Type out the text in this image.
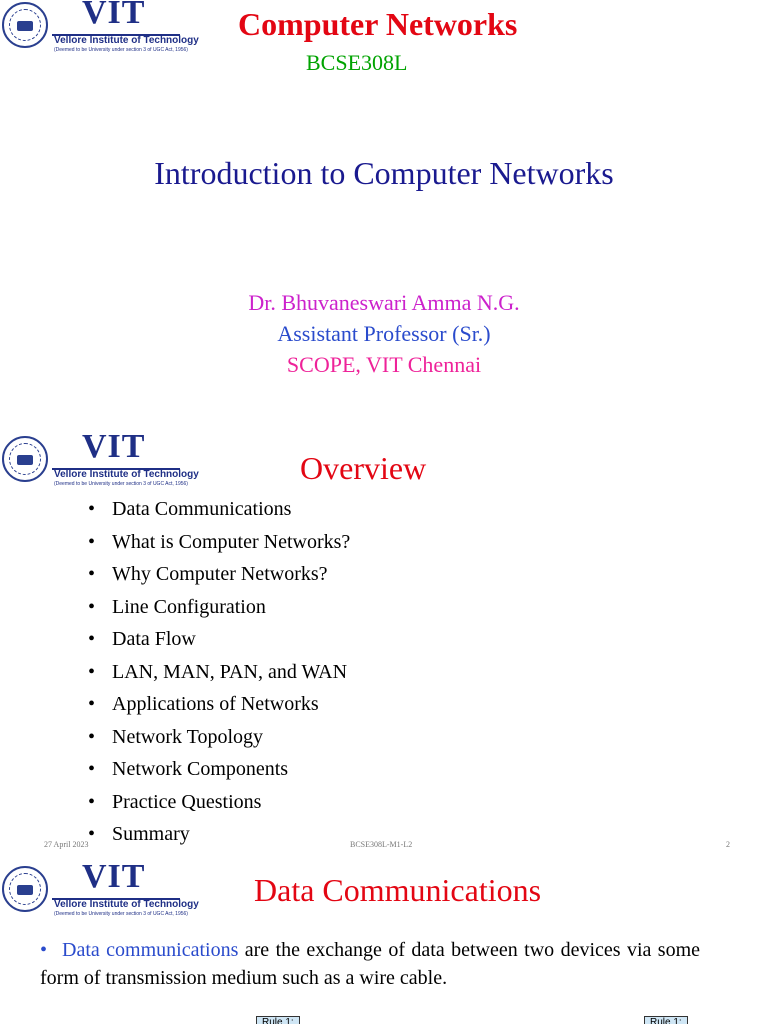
VIT
Vellore Institute of Technology
(Deemed to be University under section 3 of UGC Act, 1956)
Computer Networks
BCSE308L
Introduction to Computer Networks
Dr. Bhuvaneswari Amma N.G.
Assistant Professor (Sr.)
SCOPE, VIT Chennai
VIT
Vellore Institute of Technology
(Deemed to be University under section 3 of UGC Act, 1956)	Overview
• Data Communications
• What is Computer Networks?
• Why Computer Networks?
• Line Configuration
• Data Flow
• LAN, MAN, PAN, and WAN
• Applications of Networks
• Network Topology
• Network Components
• Practice Questions
• Summary
27 April 2023	BCSE308L-M1-L2	2
VIT
Vellore Institute of Technology
(Deemed to be University under section 3 of UGC Act, 1956)
Data Communications
• Data communications are the exchange of data between two devices via some form of transmission medium such as a wire cable.
Rule 1:	Rule 1:
